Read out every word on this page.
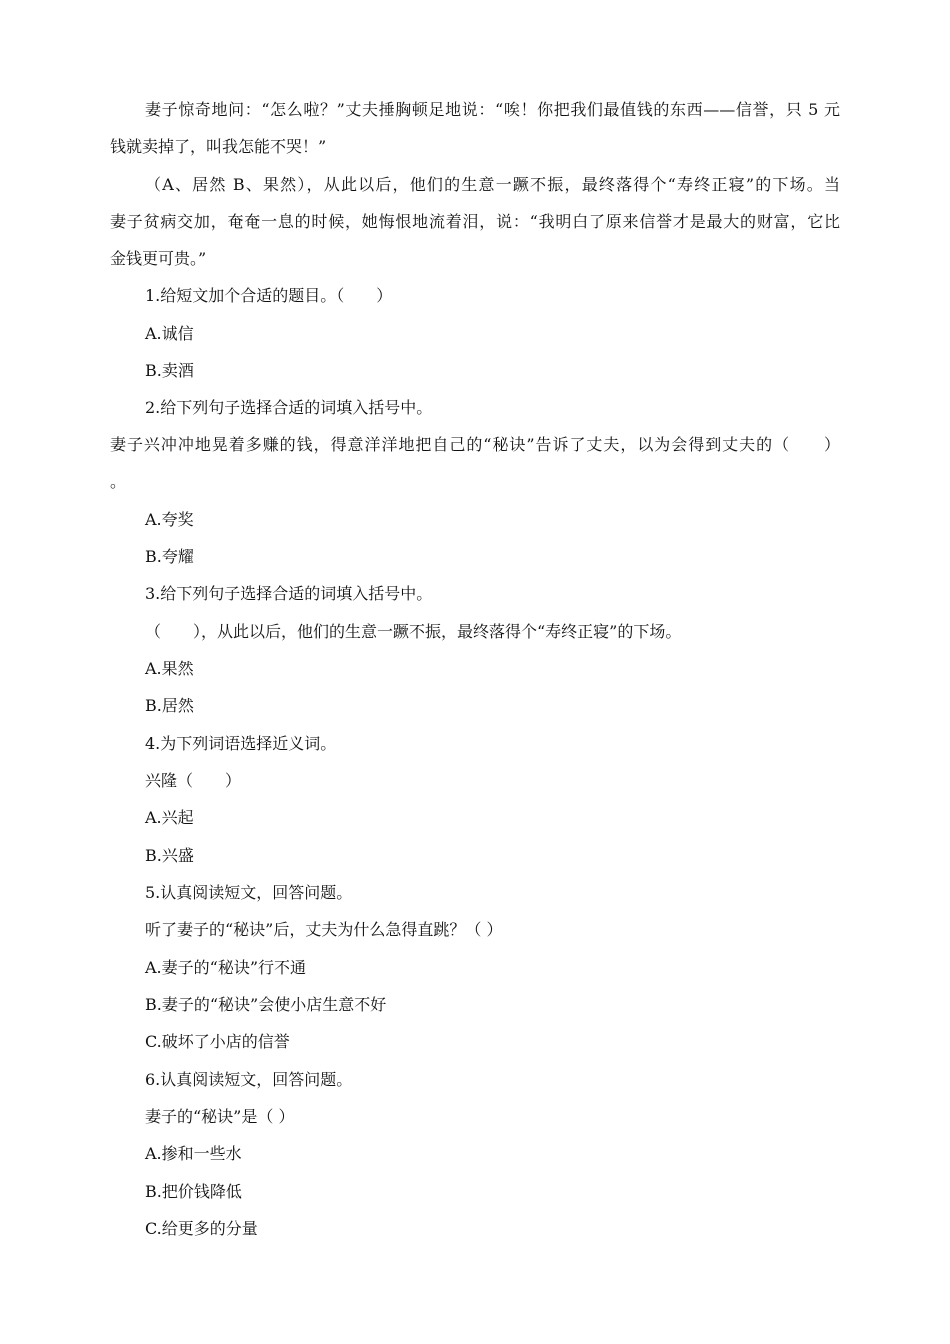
妻子惊奇地问：“怎么啦？”丈夫捶胸顿足地说：“唉！你把我们最值钱的东西——信誉，只 5 元
钱就卖掉了，叫我怎能不哭！”
（A、居然 B、果然），从此以后，他们的生意一蹶不振，最终落得个“寿终正寝”的下场。当
妻子贫病交加，奄奄一息的时候，她悔恨地流着泪，说：“我明白了原来信誉才是最大的财富，它比
金钱更可贵。”
1.给短文加个合适的题目。（　　）
A.诚信
B.卖酒
2.给下列句子选择合适的词填入括号中。
妻子兴冲冲地晃着多赚的钱，得意洋洋地把自己的“秘诀”告诉了丈夫，以为会得到丈夫的（　　）
。
A.夸奖
B.夸耀
3.给下列句子选择合适的词填入括号中。
（　　），从此以后，他们的生意一蹶不振，最终落得个“寿终正寝”的下场。
A.果然
B.居然
4.为下列词语选择近义词。
兴隆（　　）
A.兴起
B.兴盛
5.认真阅读短文，回答问题。
听了妻子的“秘诀”后，丈夫为什么急得直跳？（ ）
A.妻子的“秘诀”行不通
B.妻子的“秘诀”会使小店生意不好
C.破坏了小店的信誉
6.认真阅读短文，回答问题。
妻子的“秘诀”是（ ）
A.掺和一些水
B.把价钱降低
C.给更多的分量
